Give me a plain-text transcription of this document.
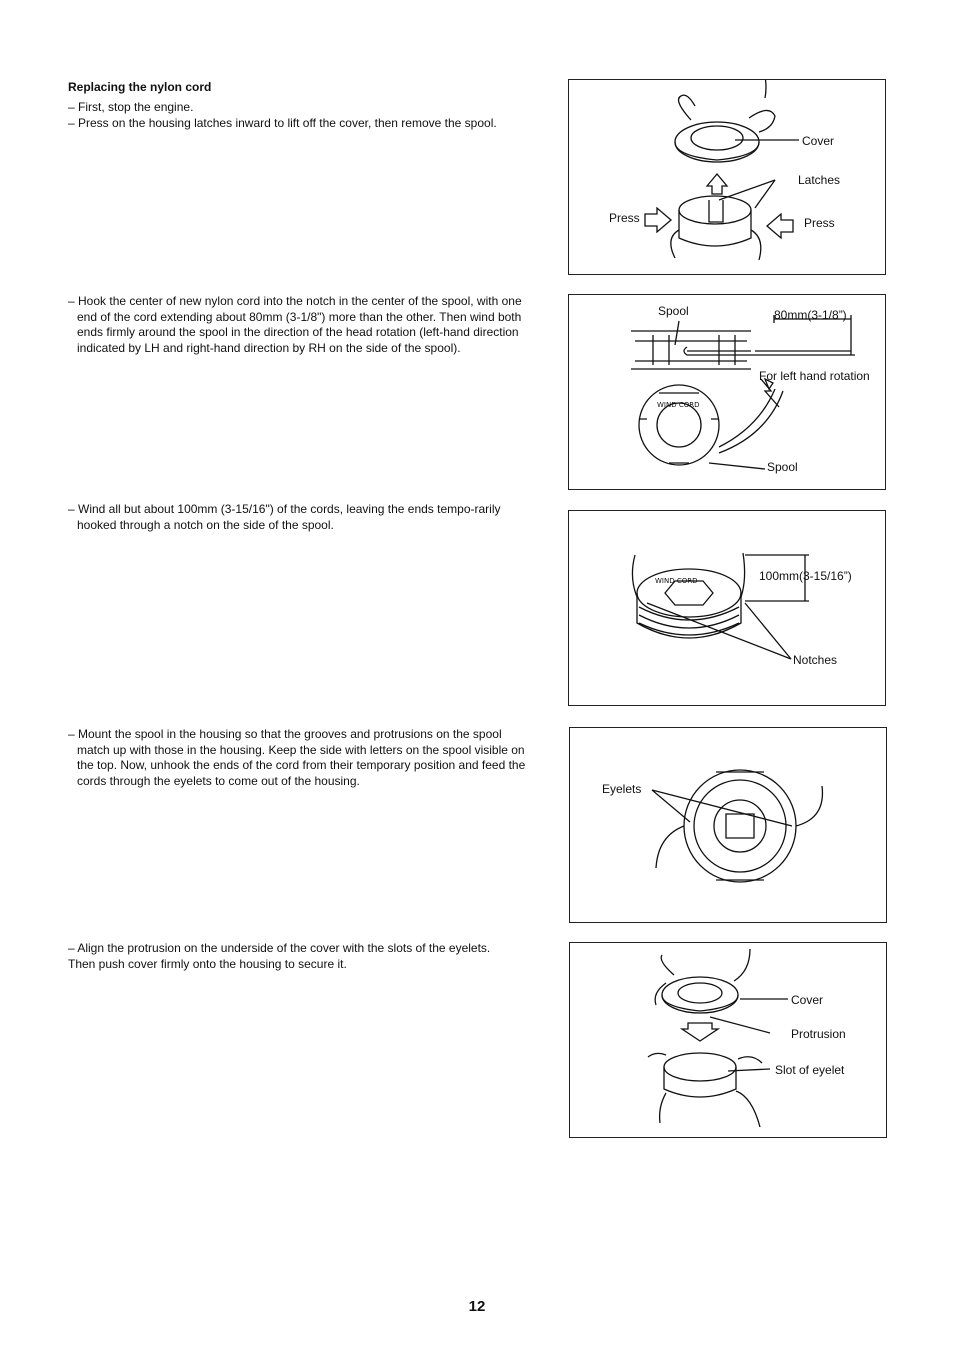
Replacing the nylon cord

– First, stop the engine.

– Press on the housing latches inward to lift off the cover, then remove the spool.

Cover
Latches
Press	Press

– Hook the center of new nylon cord into the notch in the center of the spool, with one end of the cord extending about 80mm (3-1/8") more than the other. Then wind both ends firmly around the spool in the direction of the head rotation (left-hand direction indicated by LH and right-hand direction by RH on the side of the spool).

WIND CORD
Spool	80mm(3-1/8”)
For left hand rotation
Spool

– Wind all but about 100mm (3-15/16") of the cords, leaving the ends tempo-rarily hooked through a notch on the side of the spool.

WIND CORD	100mm(3-15/16”)
Notches

– Mount the spool in the housing so that the grooves and protrusions on the spool match up with those in the housing. Keep the side with letters on the spool visible on the top. Now, unhook the ends of the cord from their temporary position and feed the cords through the eyelets to come out of the housing.

Eyelets

– Align the protrusion on the underside of the cover with the slots of the eyelets.

Then push cover firmly onto the housing to secure it.

Cover
Protrusion
Slot of eyelet
12
